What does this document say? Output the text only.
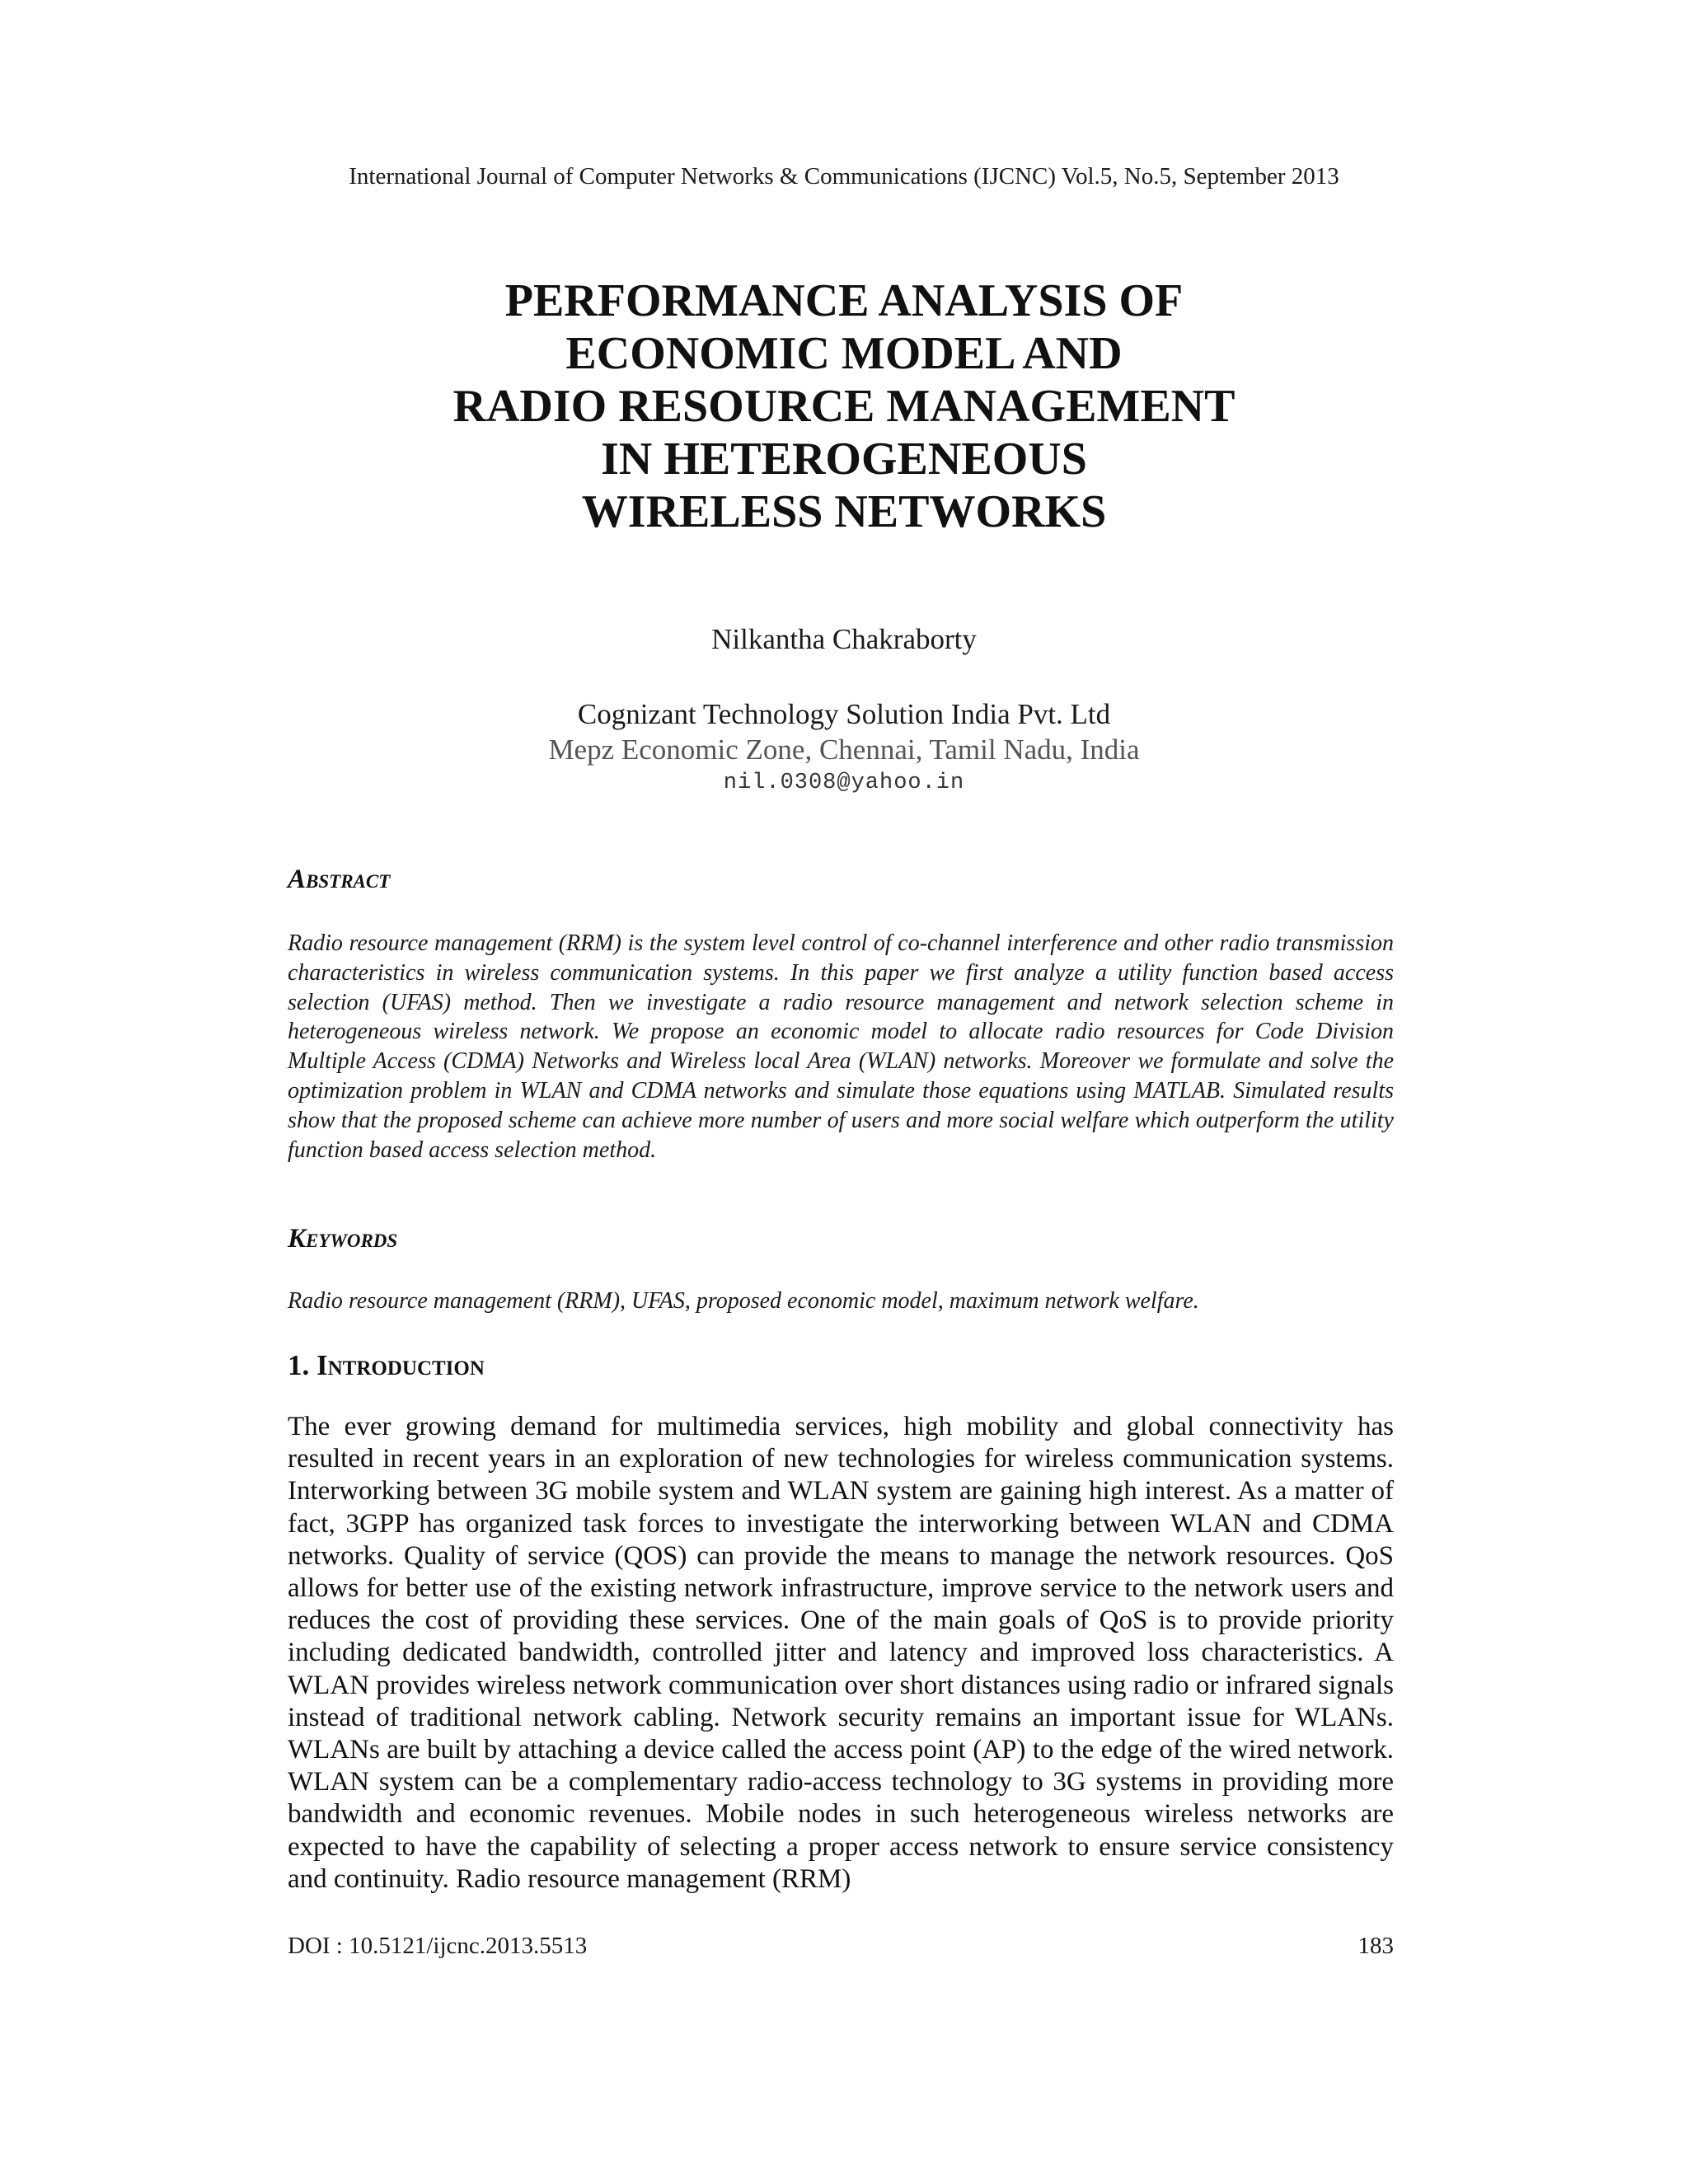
International Journal of Computer Networks & Communications (IJCNC) Vol.5, No.5, September 2013
PERFORMANCE ANALYSIS OF
ECONOMIC MODEL AND
RADIO RESOURCE MANAGEMENT
IN HETEROGENEOUS
WIRELESS NETWORKS
Nilkantha Chakraborty
Cognizant Technology Solution India Pvt. Ltd
Mepz Economic Zone, Chennai, Tamil Nadu, India
nil.0308@yahoo.in
Abstract

Radio resource management (RRM) is the system level control of co-channel interference and other radio transmission characteristics in wireless communication systems. In this paper we first analyze a utility function based access selection (UFAS) method. Then we investigate a radio resource management and network selection scheme in heterogeneous wireless network. We propose an economic model to allocate radio resources for Code Division Multiple Access (CDMA) Networks and Wireless local Area (WLAN) networks. Moreover we formulate and solve the optimization problem in WLAN and CDMA networks and simulate those equations using MATLAB. Simulated results show that the proposed scheme can achieve more number of users and more social welfare which outperform the utility function based access selection method.

Keywords

Radio resource management (RRM), UFAS, proposed economic model, maximum network welfare.

1. Introduction

The ever growing demand for multimedia services, high mobility and global connectivity has resulted in recent years in an exploration of new technologies for wireless communication systems. Interworking between 3G mobile system and WLAN system are gaining high interest. As a matter of fact, 3GPP has organized task forces to investigate the interworking between WLAN and CDMA networks. Quality of service (QOS) can provide the means to manage the network resources. QoS allows for better use of the existing network infrastructure, improve service to the network users and reduces the cost of providing these services. One of the main goals of QoS is to provide priority including dedicated bandwidth, controlled jitter and latency and improved loss characteristics. A WLAN provides wireless network communication over short distances using radio or infrared signals instead of traditional network cabling. Network security remains an important issue for WLANs. WLANs are built by attaching a device called the access point (AP) to the edge of the wired network. WLAN system can be a complementary radio-access technology to 3G systems in providing more bandwidth and economic revenues. Mobile nodes in such heterogeneous wireless networks are expected to have the capability of selecting a proper access network to ensure service consistency and continuity. Radio resource management (RRM)

DOI : 10.5121/ijcnc.2013.5513	183
